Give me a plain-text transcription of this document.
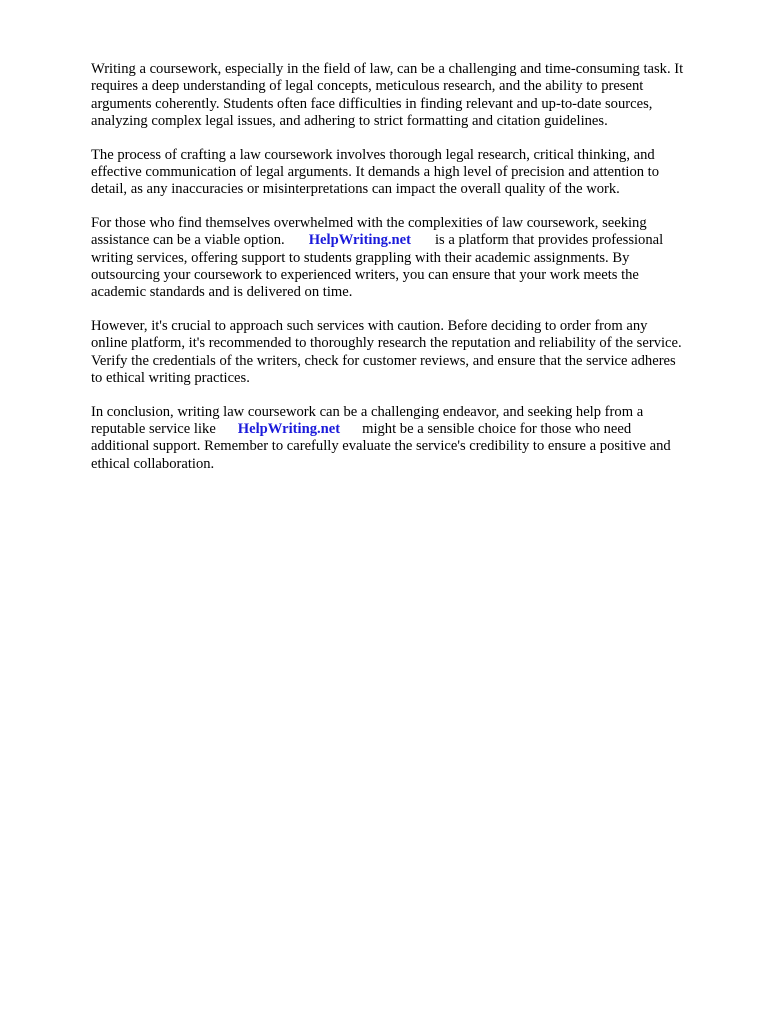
Writing a coursework, especially in the field of law, can be a challenging and time-consuming task. It
requires a deep understanding of legal concepts, meticulous research, and the ability to present
arguments coherently. Students often face difficulties in finding relevant and up-to-date sources,
analyzing complex legal issues, and adhering to strict formatting and citation guidelines.

The process of crafting a law coursework involves thorough legal research, critical thinking, and
effective communication of legal arguments. It demands a high level of precision and attention to
detail, as any inaccuracies or misinterpretations can impact the overall quality of the work.

For those who find themselves overwhelmed with the complexities of law coursework, seeking
assistance can be a viable option. HelpWriting.net is a platform that provides professional
writing services, offering support to students grappling with their academic assignments. By
outsourcing your coursework to experienced writers, you can ensure that your work meets the
academic standards and is delivered on time.

However, it's crucial to approach such services with caution. Before deciding to order from any
online platform, it's recommended to thoroughly research the reputation and reliability of the service.
Verify the credentials of the writers, check for customer reviews, and ensure that the service adheres
to ethical writing practices.

In conclusion, writing law coursework can be a challenging endeavor, and seeking help from a
reputable service like HelpWriting.net might be a sensible choice for those who need
additional support. Remember to carefully evaluate the service's credibility to ensure a positive and
ethical collaboration.
